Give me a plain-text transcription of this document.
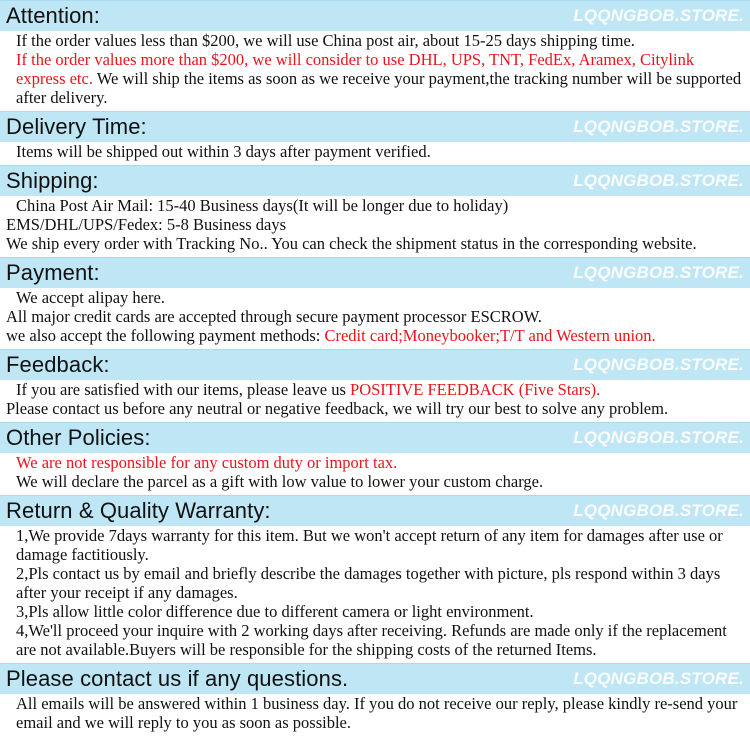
Attention:	LQQNGBOB.STORE.
If the order values less than $200, we will use China post air, about 15-25 days shipping time.
If the order values more than $200, we will consider to use DHL, UPS, TNT, FedEx, Aramex, Citylink express etc. We will ship the items as soon as we receive your payment,the tracking number will be supported after delivery.
Delivery Time:	LQQNGBOB.STORE.
Items will be shipped out within 3 days after payment verified.
Shipping:	LQQNGBOB.STORE.
China Post Air Mail: 15-40 Business days(It will be longer due to holiday)
EMS/DHL/UPS/Fedex: 5-8 Business days
We ship every order with Tracking No.. You can check the shipment status in the corresponding website.
Payment:	LQQNGBOB.STORE.
We accept alipay here.
All major credit cards are accepted through secure payment processor ESCROW.
we also accept the following payment methods: Credit card;Moneybooker;T/T and Western union.
Feedback:	LQQNGBOB.STORE.
If you are satisfied with our items, please leave us POSITIVE FEEDBACK (Five Stars).
Please contact us before any neutral or negative feedback, we will try our best to solve any problem.
Other Policies:	LQQNGBOB.STORE.
We are not responsible for any custom duty or import tax.
We will declare the parcel as a gift with low value to lower your custom charge.
Return & Quality Warranty:	LQQNGBOB.STORE.
1,We provide 7days warranty for this item. But we won't accept return of any item for damages after use or damage factitiously.
2,Pls contact us by email and briefly describe the damages together with picture, pls respond within 3 days after your receipt if any damages.
3,Pls allow little color difference due to different camera or light environment.
4,We'll proceed your inquire with 2 working days after receiving. Refunds are made only if the replacement are not available.Buyers will be responsible for the shipping costs of the returned Items.
Please contact us if any questions.	LQQNGBOB.STORE.
All emails will be answered within 1 business day. If you do not receive our reply, please kindly re-send your email and we will reply to you as soon as possible.
